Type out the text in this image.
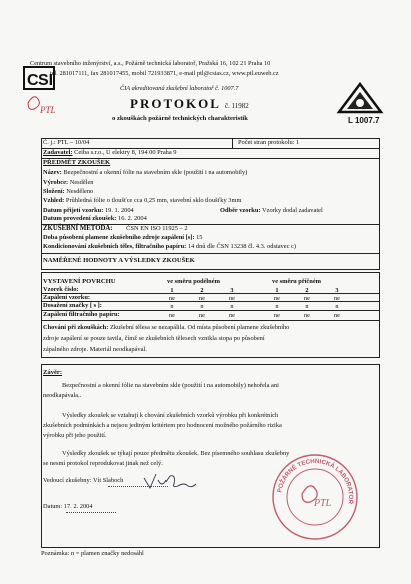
C SI
PTL
L 1007.7
Centrum stavebního inženýrství, a.s., Požárně technická laboratoř, Pražská 16, 102 21 Praha 10
tel. 281017111, fax 281017455, mobil 721933871, e-mail ptl@csias.cz, www.ptl.euweb.cz
ČIA akreditovaná zkušební laboratoř č. 1007.7
PROTOKOL č. 11982
o zkouškách požárně technických charakteristik
Č. j.: PTL – 10/04	Počet stran protokolu: 1
Zadavatel: Ceiba s.r.o., U elektry 8, 194 00 Praha 9
PŘEDMĚT ZKOUŠEK
Název: Bezpečnostní a okenní fólie na stavebním skle (použití i na automobily)
Výrobce: Nesdělen
Složení: Nesděleno
Vzhled: Průhledná fólie o tloušťce cca 0,25 mm, stavební sklo tloušťky 3mm
Datum přijetí vzorku: 19. 1. 2004	Odběr vzorku: Vzorky dodal zadavatel
Datum provedení zkoušek: 16. 2. 2004
ZKUŠEBNÍ METODA: ČSN EN ISO 11925 – 2
Doba působení plamene zkušebního zdroje zapálení [s]: 15
Kondicionování zkušebních těles, filtračního papíru: 14 dnů dle ČSN 13238 čl. 4.3. odstavec c)
NAMĚŘENÉ HODNOTY A VÝSLEDKY ZKOUŠEK
VYSTAVENÍ POVRCHU	ve směru podélném	ve směru příčném
Vzorek číslo:	1	2	3	1	2	3
Zapálení vzorku:	ne	ne	ne	ne	ne	ne
Dosažení značky [ s ]:	n	n	n	n	n	n
Zapálení filtračního papíru:	ne	ne	ne	ne	ne	ne
Chování při zkouškách: Zkušební tělesa se nezapálila. Od místa působení plamene zkušebního
zdroje zapálení se pouze tavila, čímž se zkušebních tělesech vznikla stopa po působení
zápalného zdroje. Materiál neodkapával.
Závěr:
Bezpečnostní a okenní fólie na stavebním skle (použití i na automobily) nehořela ani
neodkapávala..
Výsledky zkoušek se vztahují k chování zkušebních vzorků výrobku při konkrétních
zkušebních podmínkách a nejsou jediným kritériem pro hodnocení možného požárního rizika
výrobku při jeho použití.
Výsledky zkoušek se týkají pouze předmětu zkoušek. Bez písemného souhlasu zkušebny
se nesmí protokol reprodukovat jinak než celý.
Vedoucí zkušebny: Vít Slaboch
Datum: 17. 2. 2004
POŽÁRNĚ TECHNICKÁ LABORATOŘ
PTL
Poznámka: n = plamen značky nedosáhl
